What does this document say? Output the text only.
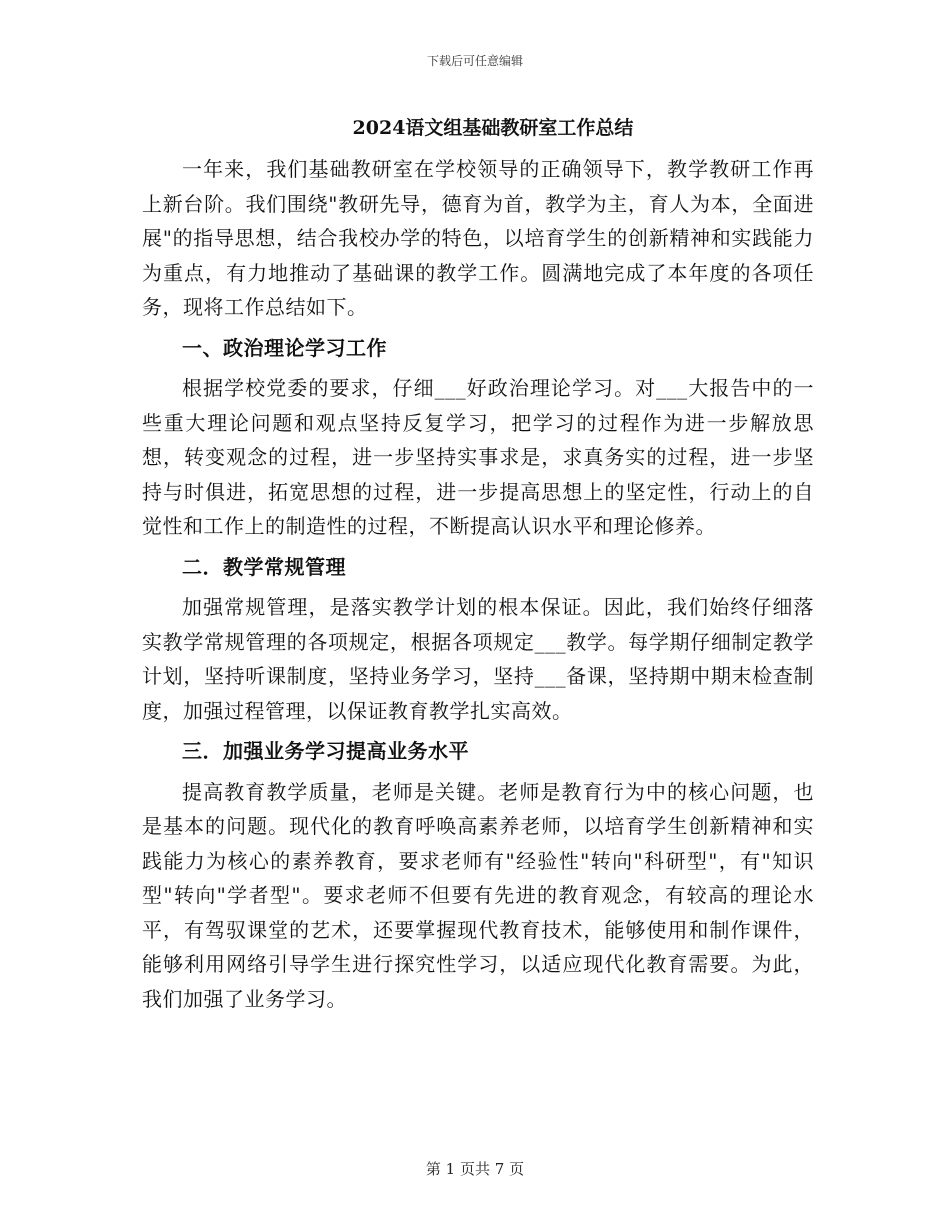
下载后可任意编辑
2024语文组基础教研室工作总结

一年来，我们基础教研室在学校领导的正确领导下，教学教研工作再上新台阶。我们围绕"教研先导，德育为首，教学为主，育人为本，全面进展"的指导思想，结合我校办学的特色，以培育学生的创新精神和实践能力为重点，有力地推动了基础课的教学工作。圆满地完成了本年度的各项任务，现将工作总结如下。

一、政治理论学习工作

根据学校党委的要求，仔细___好政治理论学习。对___大报告中的一些重大理论问题和观点坚持反复学习，把学习的过程作为进一步解放思想，转变观念的过程，进一步坚持实事求是，求真务实的过程，进一步坚持与时俱进，拓宽思想的过程，进一步提高思想上的坚定性，行动上的自觉性和工作上的制造性的过程，不断提高认识水平和理论修养。

二．教学常规管理

加强常规管理，是落实教学计划的根本保证。因此，我们始终仔细落实教学常规管理的各项规定，根据各项规定___教学。每学期仔细制定教学计划，坚持听课制度，坚持业务学习，坚持___备课，坚持期中期末检查制度，加强过程管理，以保证教育教学扎实高效。

三．加强业务学习提高业务水平

提高教育教学质量，老师是关键。老师是教育行为中的核心问题，也是基本的问题。现代化的教育呼唤高素养老师，以培育学生创新精神和实践能力为核心的素养教育，要求老师有"经验性"转向"科研型"，有"知识型"转向"学者型"。要求老师不但要有先进的教育观念，有较高的理论水平，有驾驭课堂的艺术，还要掌握现代教育技术，能够使用和制作课件，能够利用网络引导学生进行探究性学习，以适应现代化教育需要。为此，我们加强了业务学习。

第 1 页共 7 页
